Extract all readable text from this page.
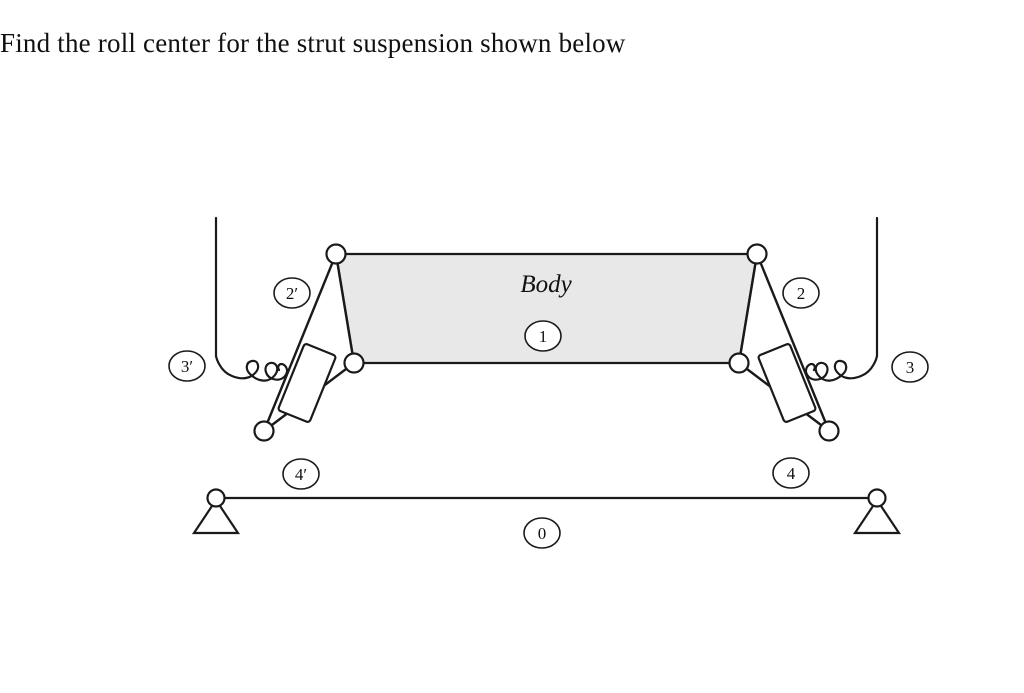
Find the roll center for the strut suspension shown below
Body
2′	2
1
3′	3
4′	4
0
